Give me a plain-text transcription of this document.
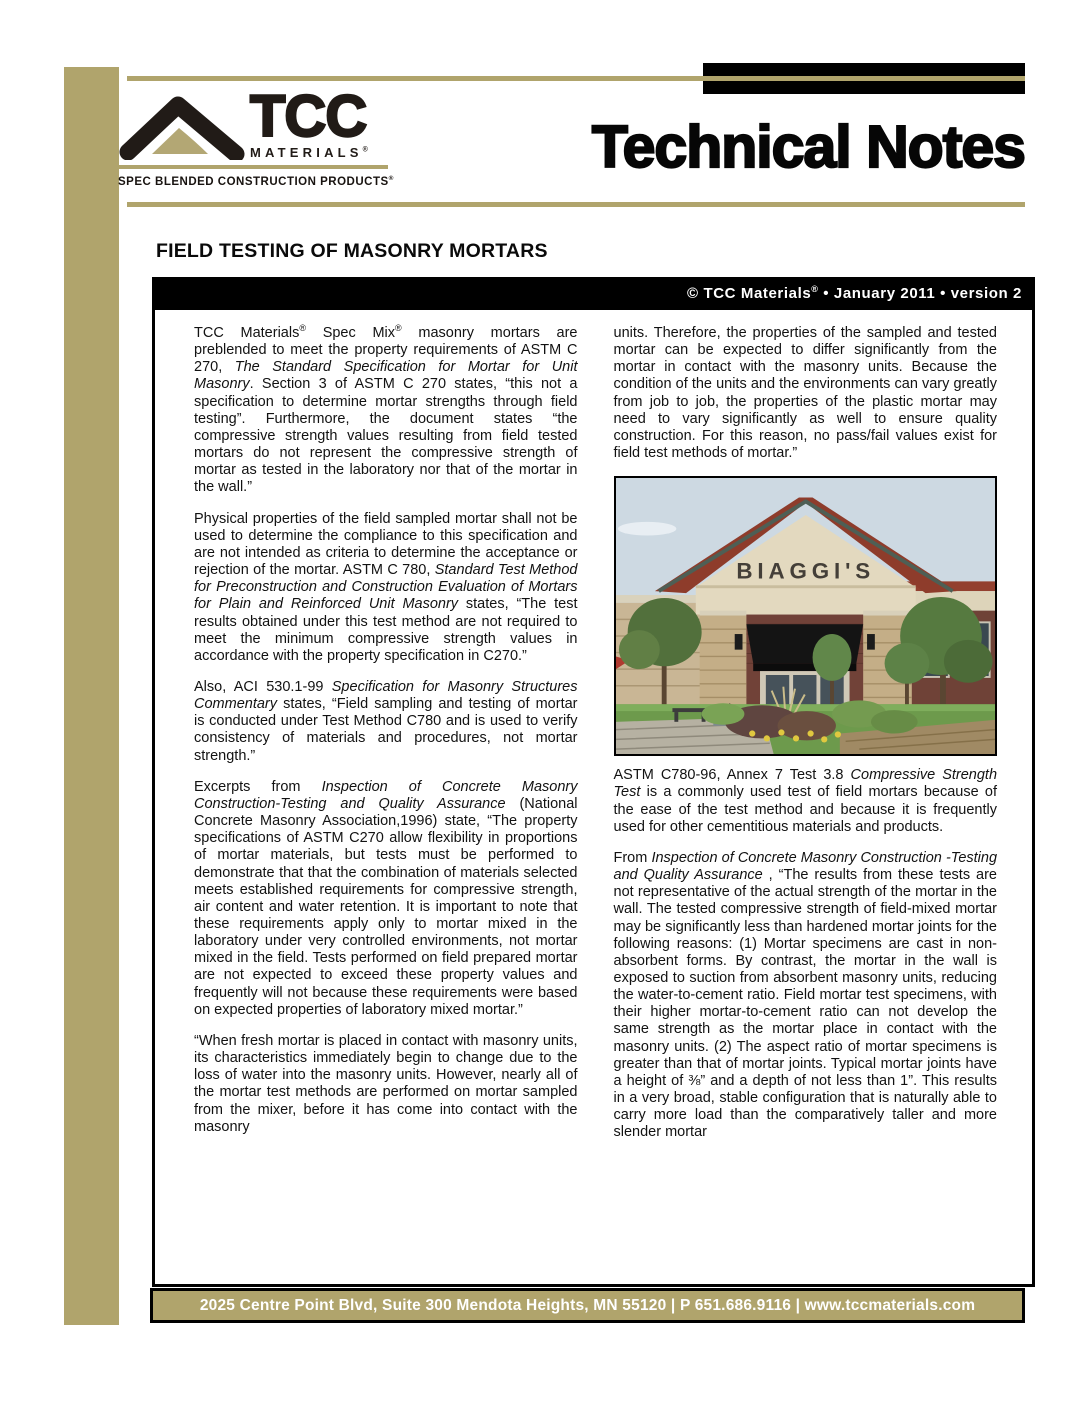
TCC
MATERIALS®
SPEC BLENDED CONSTRUCTION PRODUCTS®	Technical Notes
FIELD TESTING OF MASONRY MORTARS
© TCC Materials® • January 2011 • version 2

TCC Materials® Spec Mix® masonry mortars are preblended to meet the property requirements of ASTM C 270, The Standard Specification for Mortar for Unit Masonry. Section 3 of ASTM C 270 states, “this not a specification to determine mortar strengths through field testing”. Furthermore, the document states “the compressive strength values resulting from field tested mortars do not represent the compressive strength of mortar as tested in the laboratory nor that of the mortar in the wall.”

Physical properties of the field sampled mortar shall not be used to determine the compliance to this specification and are not intended as criteria to determine the acceptance or rejection of the mortar. ASTM C 780, Standard Test Method for Preconstruction and Construction Evaluation of Mortars for Plain and Reinforced Unit Masonry states, “The test results obtained under this test method are not required to meet the minimum compressive strength values in accordance with the property specification in C270.”

Also, ACI 530.1-99 Specification for Masonry Structures Commentary states, “Field sampling and testing of mortar is conducted under Test Method C780 and is used to verify consistency of materials and procedures, not mortar strength.”

Excerpts from Inspection of Concrete Masonry Construction-Testing and Quality Assurance (National Concrete Masonry Association,1996) state, “The property specifications of ASTM C270 allow flexibility in proportions of mortar materials, but tests must be performed to demonstrate that that the combination of materials selected meets established requirements for compressive strength, air content and water retention. It is important to note that these requirements apply only to mortar mixed in the laboratory under very controlled environments, not mortar mixed in the field. Tests performed on field prepared mortar are not expected to exceed these property values and frequently will not because these requirements were based on expected properties of laboratory mixed mortar.”

“When fresh mortar is placed in contact with masonry units, its characteristics immediately begin to change due to the loss of water into the masonry units. However, nearly all of the mortar test methods are performed on mortar sampled from the mixer, before it has come into contact with the masonry

units. Therefore, the properties of the sampled and tested mortar can be expected to differ significantly from the mortar in contact with the masonry units. Because the condition of the units and the environments can vary greatly from job to job, the properties of the plastic mortar may need to vary significantly as well to ensure quality construction. For this reason, no pass/fail values exist for field test methods of mortar.”

BIAGGI'S

ASTM C780-96, Annex 7 Test 3.8 Compressive Strength Test is a commonly used test of field mortars because of the ease of the test method and because it is frequently used for other cementitious materials and products.

From Inspection of Concrete Masonry Construction -Testing and Quality Assurance , “The results from these tests are not representative of the actual strength of the mortar in the wall. The tested compressive strength of field-mixed mortar may be significantly less than hardened mortar joints for the following reasons: (1) Mortar specimens are cast in non-absorbent forms. By contrast, the mortar in the wall is exposed to suction from absorbent masonry units, reducing the water-to-cement ratio. Field mortar test specimens, with their higher mortar-to-cement ratio can not develop the same strength as the mortar place in contact with the masonry units. (2) The aspect ratio of mortar specimens is greater than that of mortar joints. Typical mortar joints have a height of ⅜” and a depth of not less than 1”. This results in a very broad, stable configuration that is naturally able to carry more load than the comparatively taller and more slender mortar

2025 Centre Point Blvd, Suite 300 Mendota Heights, MN 55120 | P 651.686.9116 | www.tccmaterials.com
